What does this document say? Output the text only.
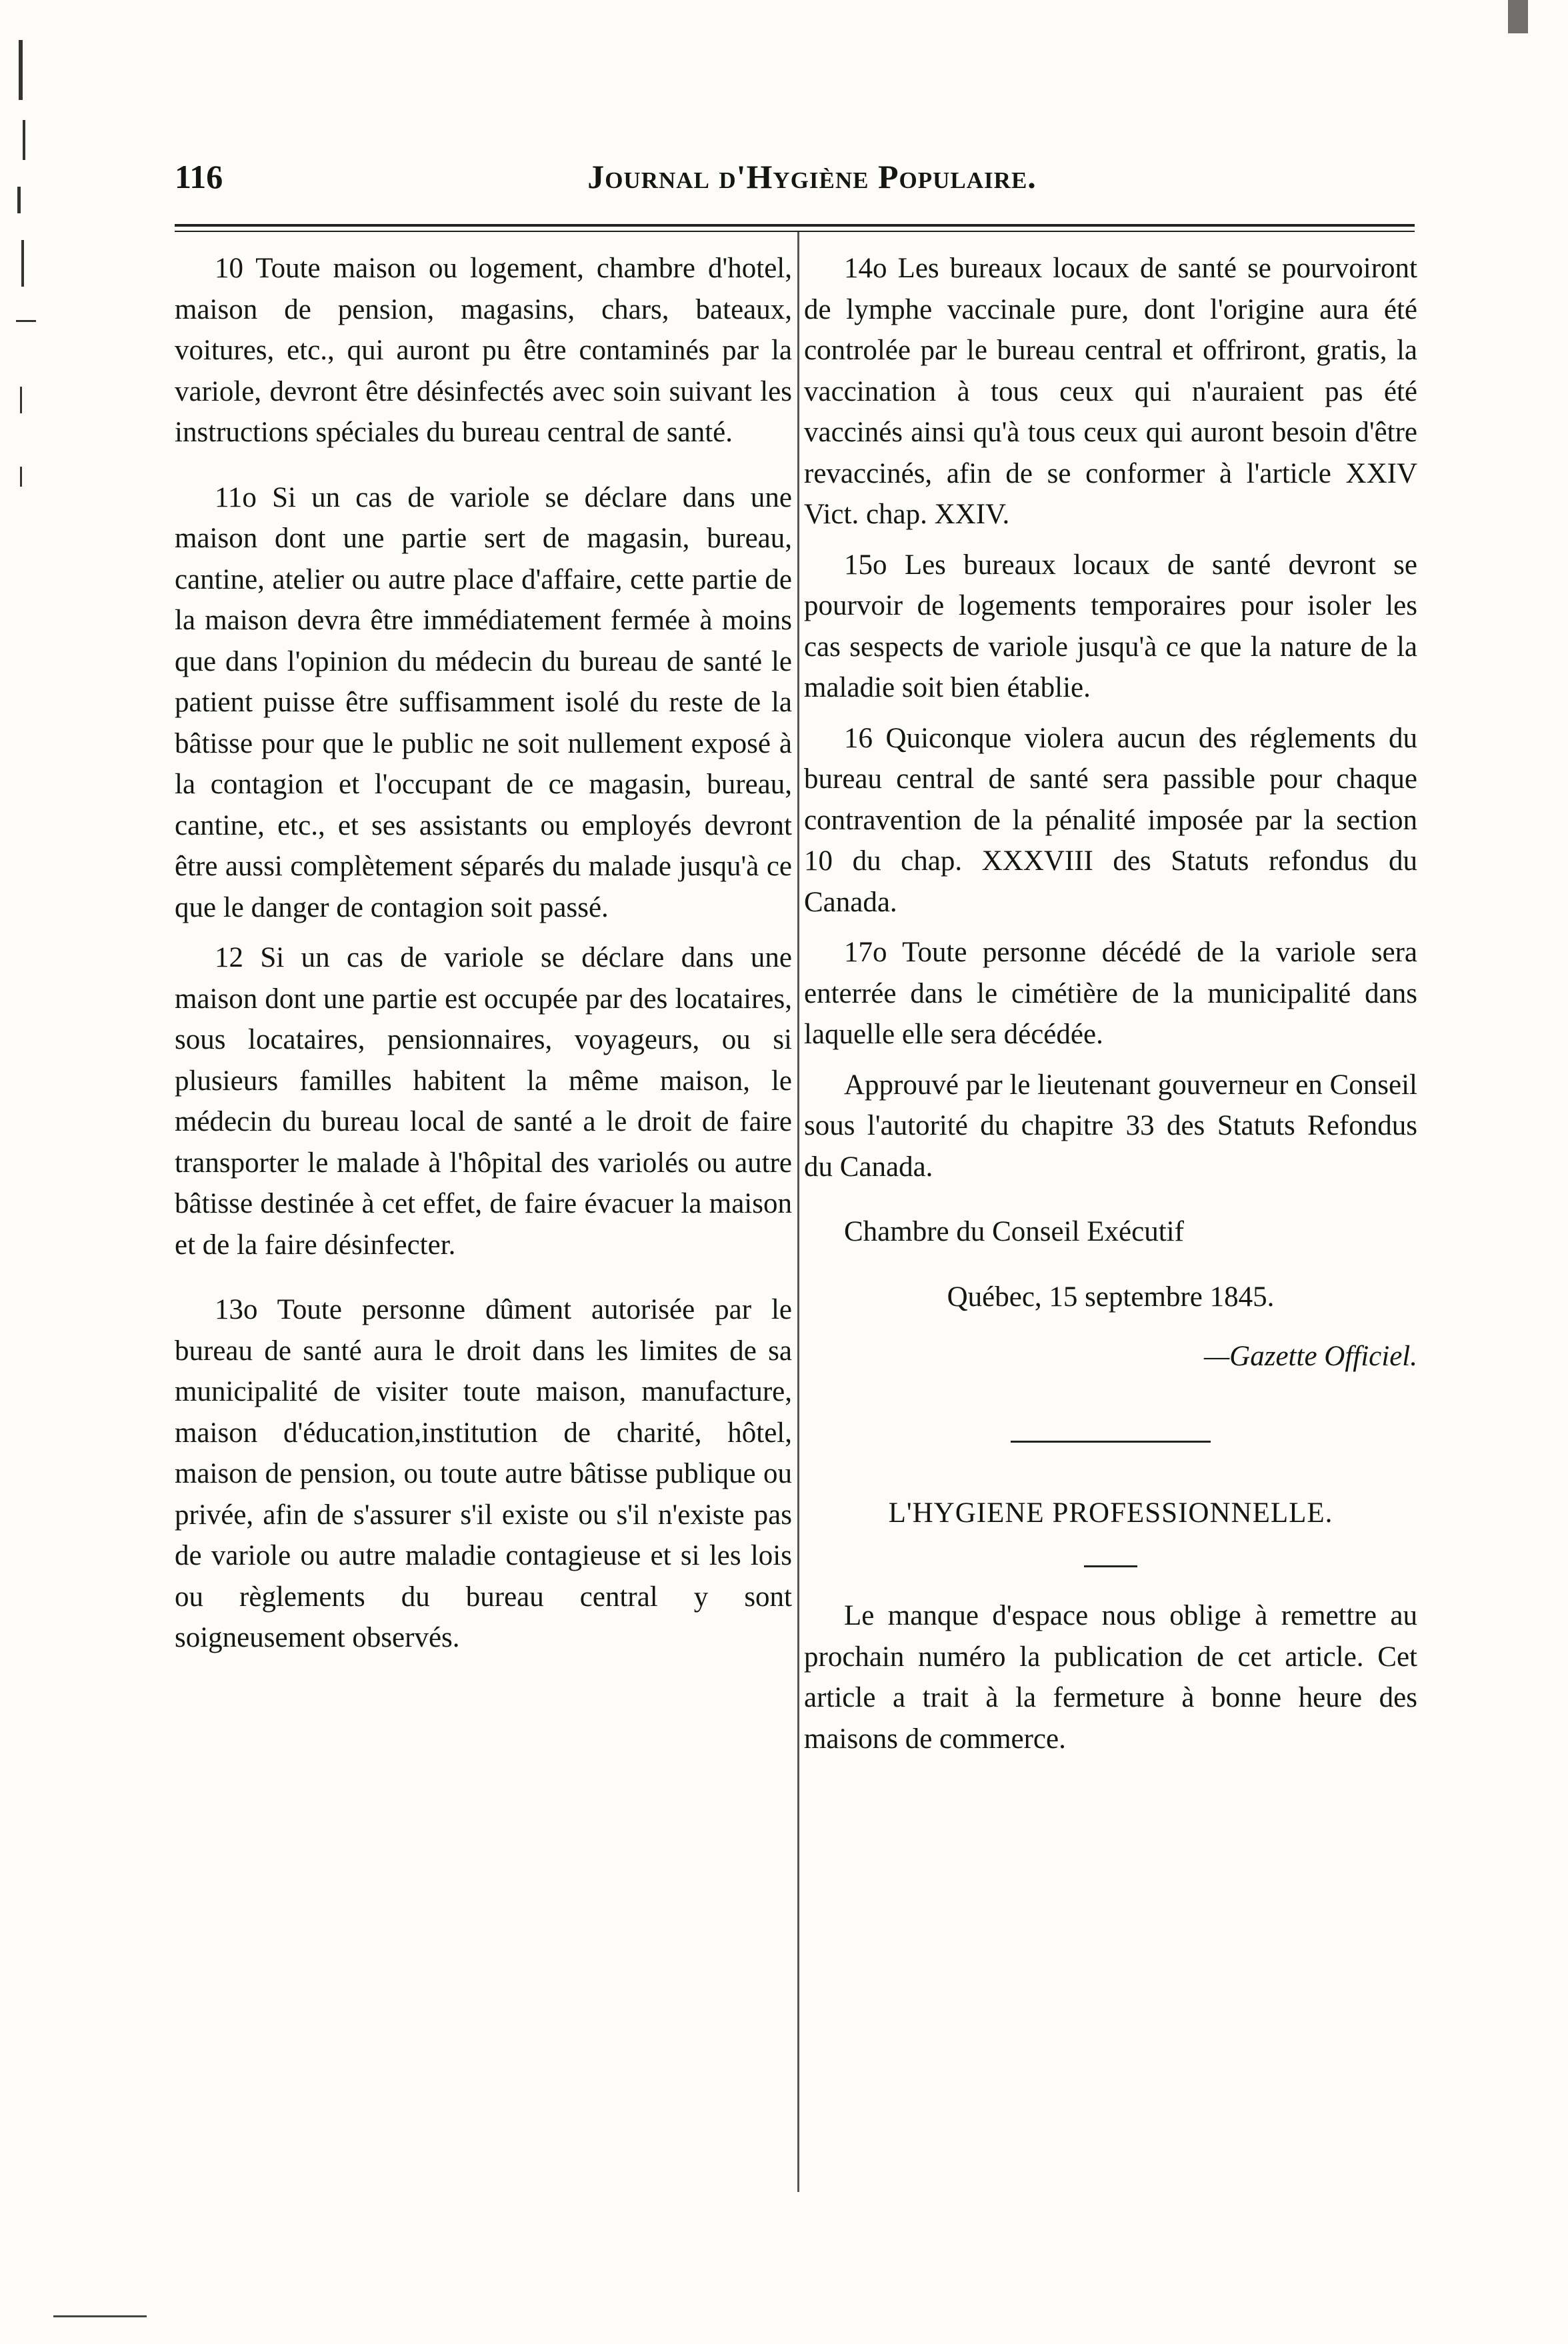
116	Journal d'Hygiène Populaire.

10 Toute maison ou logement, chambre d'hotel, maison de pension, magasins, chars, bateaux, voitures, etc., qui auront pu être contaminés par la variole, devront être désinfectés avec soin suivant les instructions spéciales du bureau central de santé.

11o Si un cas de variole se déclare dans une maison dont une partie sert de magasin, bureau, cantine, atelier ou autre place d'affaire, cette partie de la maison devra être immédiatement fermée à moins que dans l'opinion du médecin du bureau de santé le patient puisse être suffisamment isolé du reste de la bâtisse pour que le public ne soit nullement exposé à la contagion et l'occupant de ce magasin, bureau, cantine, etc., et ses assistants ou employés devront être aussi complètement séparés du malade jusqu'à ce que le danger de contagion soit passé.

12 Si un cas de variole se déclare dans une maison dont une partie est occupée par des locataires, sous locataires, pensionnaires, voyageurs, ou si plusieurs familles habitent la même maison, le médecin du bureau local de santé a le droit de faire transporter le malade à l'hôpital des variolés ou autre bâtisse destinée à cet effet, de faire évacuer la maison et de la faire désinfecter.

13o Toute personne dûment autorisée par le bureau de santé aura le droit dans les limites de sa municipalité de visiter toute maison, manufacture, maison d'éducation,institution de charité, hôtel, maison de pension, ou toute autre bâtisse publique ou privée, afin de s'assurer s'il existe ou s'il n'existe pas de variole ou autre maladie contagieuse et si les lois ou règlements du bureau central y sont soigneusement observés.

14o Les bureaux locaux de santé se pourvoiront de lymphe vaccinale pure, dont l'origine aura été controlée par le bureau central et offriront, gratis, la vaccination à tous ceux qui n'auraient pas été vaccinés ainsi qu'à tous ceux qui auront besoin d'être revaccinés, afin de se conformer à l'article XXIV Vict. chap. XXIV.

15o Les bureaux locaux de santé devront se pourvoir de logements temporaires pour isoler les cas sespects de variole jusqu'à ce que la nature de la maladie soit bien établie.

16 Quiconque violera aucun des réglements du bureau central de santé sera passible pour chaque contravention de la pénalité imposée par la section 10 du chap. XXXVIII des Statuts refondus du Canada.

17o Toute personne décédé de la variole sera enterrée dans le cimétière de la municipalité dans laquelle elle sera décédée.

Approuvé par le lieutenant gouverneur en Conseil sous l'autorité du chapitre 33 des Statuts Refondus du Canada.

Chambre du Conseil Exécutif

Québec, 15 septembre 1845.

—Gazette Officiel.

L'HYGIENE PROFESSIONNELLE.

Le manque d'espace nous oblige à remettre au prochain numéro la publication de cet article. Cet article a trait à la fermeture à bonne heure des maisons de commerce.
